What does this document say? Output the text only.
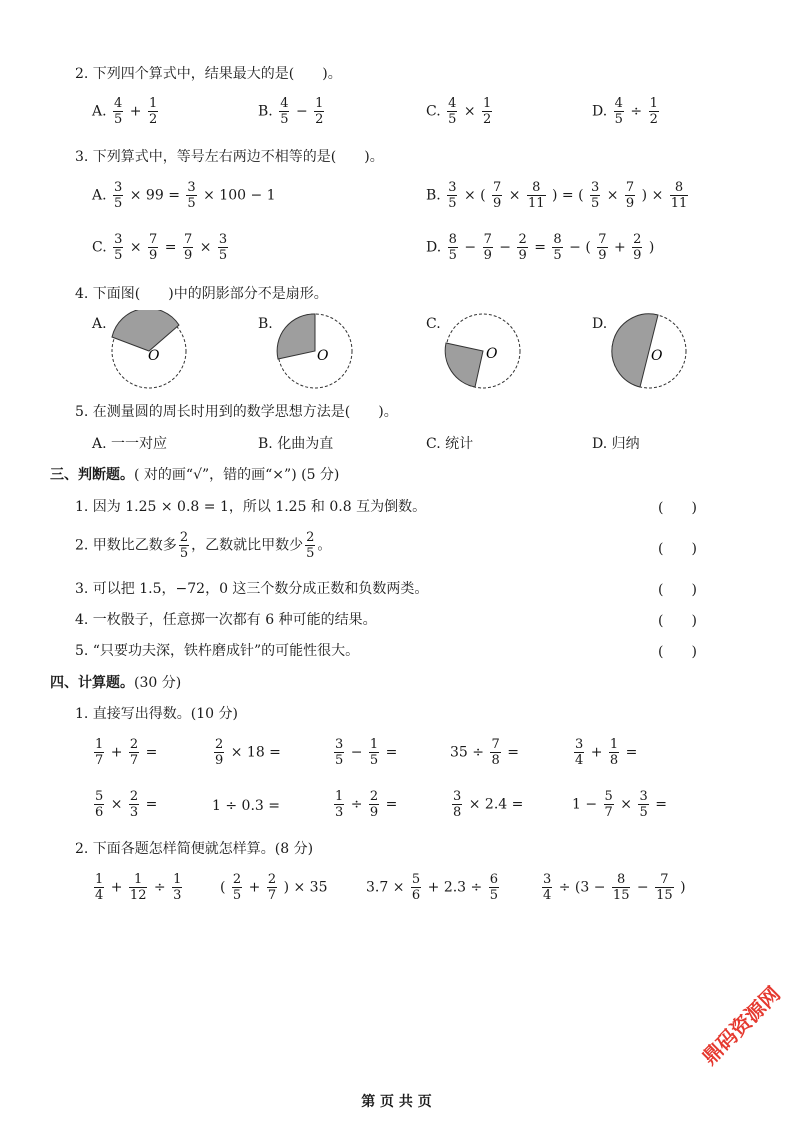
2. 下列四个算式中，结果最大的是(　　)。
A. $\frac{4}{5} + \frac{1}{2}$	B. $\frac{4}{5} - \frac{1}{2}$	C. $\frac{4}{5} \times \frac{1}{2}$	D. $\frac{4}{5} \div \frac{1}{2}$
3. 下列算式中，等号左右两边不相等的是(　　)。
A. $\frac{3}{5} \times 99 = \frac{3}{5} \times 100 - 1$	B. $\frac{3}{5}$ × ( $\frac{7}{9} \times \frac{8}{11}$ ) = ( $\frac{3}{5} \times \frac{7}{9}$ ) × $\frac{8}{11}$
C. $\frac{3}{5} \times \frac{7}{9} = \frac{7}{9} \times \frac{3}{5}$	D. $\frac{8}{5} - \frac{7}{9} - \frac{2}{9} = \frac{8}{5}$ − ( $\frac{7}{9} + \frac{2}{9}$ )
4. 下面图(　　)中的阴影部分不是扇形。
A.
O
B.
O
C.
O
D.
O
5. 在测量圆的周长时用到的数学思想方法是(　　)。
A. 一一对应	B. 化曲为直	C. 统计	D. 归纳
三、判断题。( 对的画“√”，错的画“×”) (5 分)
1. 因为 1.25 × 0.8 = 1，所以 1.25 和 0.8 互为倒数。	(　　)
2. 甲数比乙数多 $\frac{2}{5}$ ，乙数就比甲数少 $\frac{2}{5}$ 。	(　　)
3. 可以把 1.5，−72，0 这三个数分成正数和负数两类。	(　　)
4. 一枚骰子，任意掷一次都有 6 种可能的结果。	(　　)
5. “只要功夫深，铁杵磨成针”的可能性很大。	(　　)
四、计算题。(30 分)
1. 直接写出得数。(10 分)
$\frac{1}{7} + \frac{2}{7}$ =	$\frac{2}{9} \times 18$ =	$\frac{3}{5} - \frac{1}{5}$ =	$35 \div \frac{7}{8}$ =	$\frac{3}{4} + \frac{1}{8}$ =
$\frac{5}{6} \times \frac{2}{3}$ =	1 ÷ 0.3 =	$\frac{1}{3} \div \frac{2}{9}$ =	$\frac{3}{8} \times 2.4$ =	$1 - \frac{5}{7} \times \frac{3}{5}$ =
2. 下面各题怎样简便就怎样算。(8 分)
$\frac{1}{4} + \frac{1}{12} \div \frac{1}{3}$	( $\frac{2}{5} + \frac{2}{7}$ ) × 35	$3.7 \times \frac{5}{6} + 2.3 \div \frac{6}{5}$	$\frac{3}{4} \div (3 - \frac{8}{15} - \frac{7}{15}$ )
鼎码资源网
第 页 共 页
